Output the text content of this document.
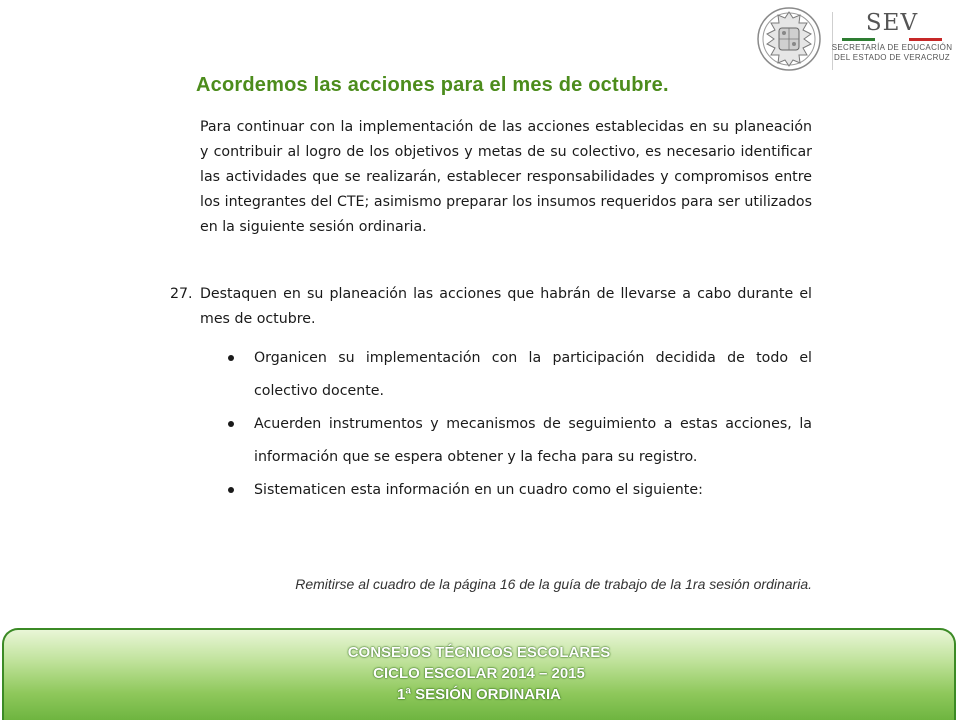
SEV
SECRETARÍA DE EDUCACIÓN
DEL ESTADO DE VERACRUZ
Acordemos las acciones para el mes de octubre.

Para continuar con la implementación de las acciones establecidas en su planeación y contribuir al logro de los objetivos y metas de su colectivo, es necesario identificar las actividades que se realizarán, establecer responsabilidades y compromisos entre los integrantes del CTE; asimismo preparar los insumos requeridos para ser utilizados en la siguiente sesión ordinaria.

27. Destaquen en su planeación las acciones que habrán de llevarse a cabo durante el mes de octubre.
Organicen su implementación con la participación decidida de todo el colectivo docente.
Acuerden instrumentos y mecanismos de seguimiento a estas acciones, la información que se espera obtener y la fecha para su registro.
Sistematicen esta información en un cuadro como el siguiente:
Remitirse al cuadro de la página 16 de la guía de trabajo de la 1ra sesión ordinaria.
CONSEJOS TÉCNICOS ESCOLARES
CICLO ESCOLAR 2014 – 2015
1ª SESIÓN ORDINARIA
